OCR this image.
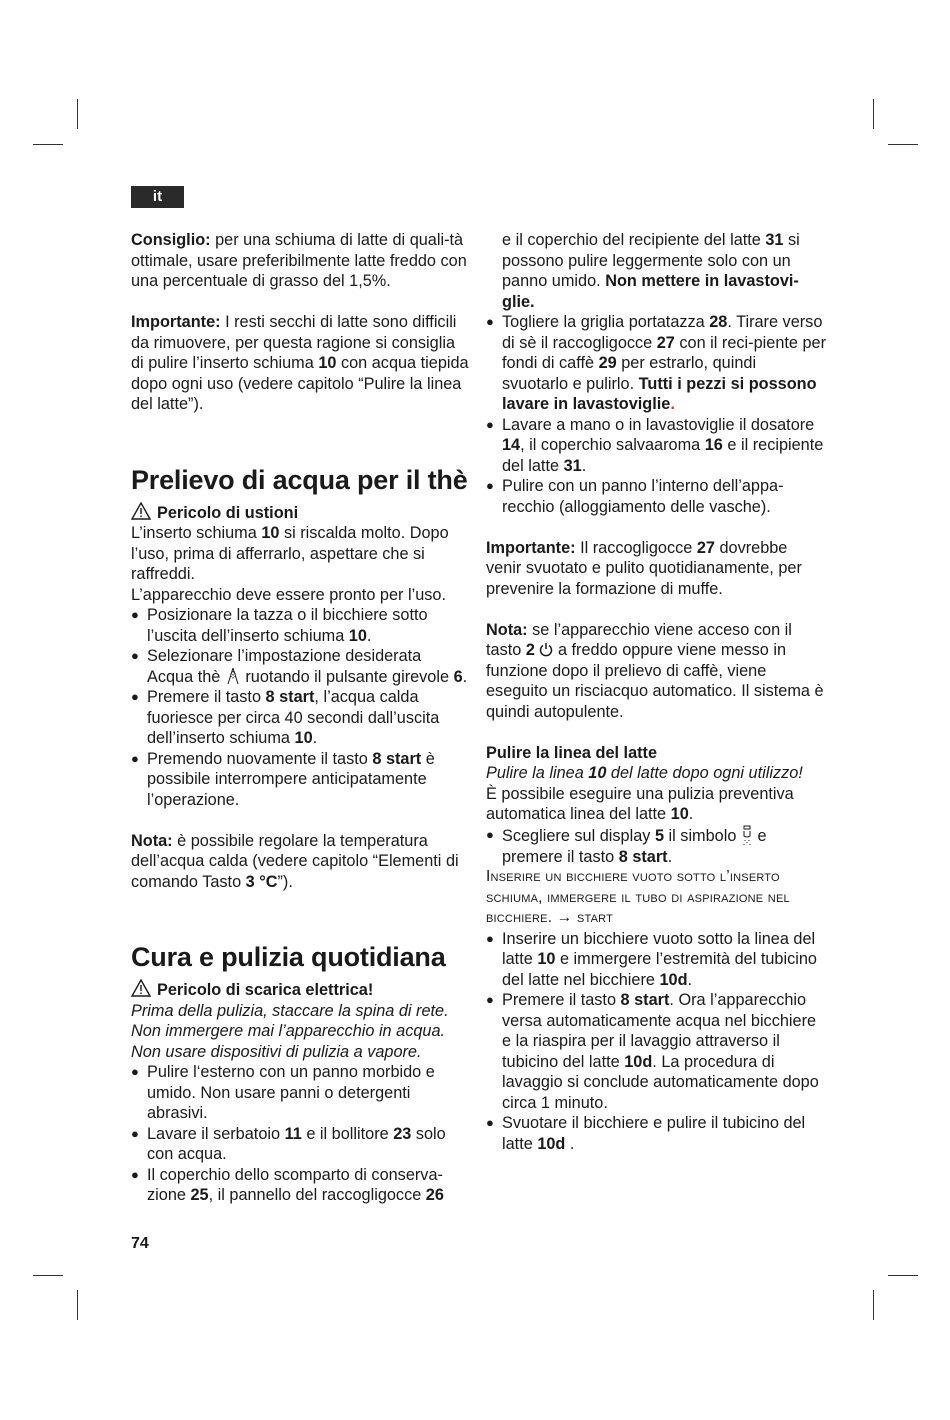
it

Consiglio: per una schiuma di latte di quali-tà ottimale, usare preferibilmente latte freddo con una percentuale di grasso del 1,5%.

Importante: I resti secchi di latte sono difficili da rimuovere, per questa ragione si consiglia di pulire l’inserto schiuma 10 con acqua tiepida dopo ogni uso (vedere capitolo “Pulire la linea del latte”).

Prelievo di acqua per il thè

Pericolo di ustioni

L’inserto schiuma 10 si riscalda molto. Dopo l’uso, prima di afferrarlo, aspettare che si raffreddi.

L’apparecchio deve essere pronto per l’uso.

● Posizionare la tazza o il bicchiere sotto l’uscita dell’inserto schiuma 10.
● Selezionare l’impostazione desiderata Acqua thè  ruotando il pulsante girevole 6.
● Premere il tasto 8 start, l’acqua calda fuoriesce per circa 40 secondi dall’uscita dell’inserto schiuma 10.
● Premendo nuovamente il tasto 8 start è possibile interrompere anticipatamente l’operazione.

Nota: è possibile regolare la temperatura dell’acqua calda (vedere capitolo “Elementi di comando Tasto 3 °C”).

Cura e pulizia quotidiana

Pericolo di scarica elettrica!

Prima della pulizia, staccare la spina di rete. Non immergere mai l’apparecchio in acqua. Non usare dispositivi di pulizia a vapore.

● Pulire l‘esterno con un panno morbido e umido. Non usare panni o detergenti abrasivi.
● Lavare il serbatoio 11 e il bollitore 23 solo con acqua.
● Il coperchio dello scomparto di conserva-zione 25, il pannello del raccogligocce 26

e il coperchio del recipiente del latte 31 si possono pulire leggermente solo con un panno umido. Non mettere in lavastovi-glie.

● Togliere la griglia portatazza 28. Tirare verso di sè il raccogligocce 27 con il reci-piente per fondi di caffè 29 per estrarlo, quindi svuotarlo e pulirlo. Tutti i pezzi si possono lavare in lavastoviglie.
● Lavare a mano o in lavastoviglie il dosatore 14, il coperchio salvaaroma 16 e il recipiente del latte 31.
● Pulire con un panno l’interno dell’appa-recchio (alloggiamento delle vasche).

Importante: Il raccogligocce 27 dovrebbe venir svuotato e pulito quotidianamente, per prevenire la formazione di muffe.

Nota: se l’apparecchio viene acceso con il tasto 2  a freddo oppure viene messo in funzione dopo il prelievo di caffè, viene eseguito un risciacquo automatico. Il sistema è quindi autopulente.

Pulire la linea del latte

Pulire la linea 10 del latte dopo ogni utilizzo!

È possibile eseguire una pulizia preventiva automatica linea del latte 10.

● Scegliere sul display 5 il simbolo  e premere il tasto 8 start.

Inserire un bicchiere vuoto sotto l’inserto schiuma, immergere il tubo di aspirazione nel bicchiere. → start

● Inserire un bicchiere vuoto sotto la linea del latte 10 e immergere l’estremità del tubicino del latte nel bicchiere 10d.
● Premere il tasto 8 start. Ora l’apparecchio versa automaticamente acqua nel bicchiere e la riaspira per il lavaggio attraverso il tubicino del latte 10d. La procedura di lavaggio si conclude automaticamente dopo circa 1 minuto.
● Svuotare il bicchiere e pulire il tubicino del latte 10d .
74
